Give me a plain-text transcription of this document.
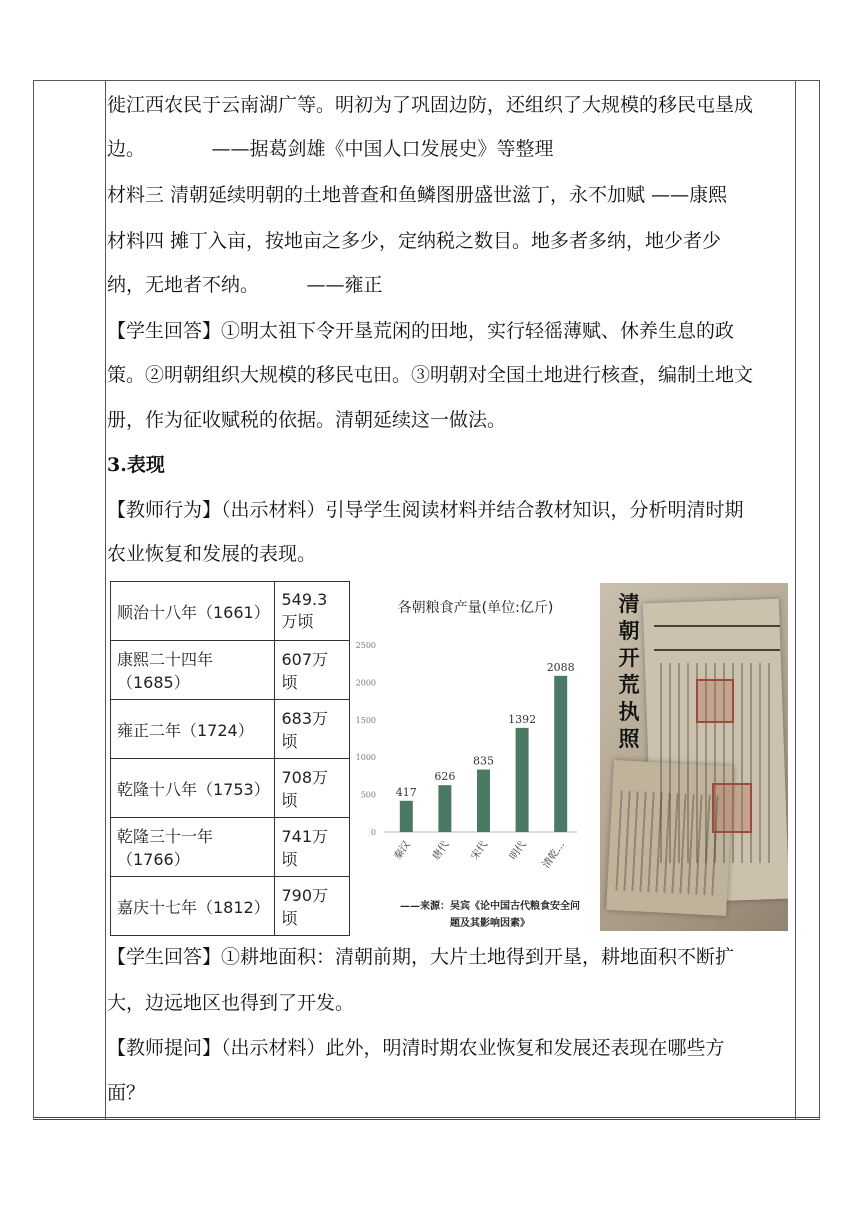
徙江西农民于云南湖广等。明初为了巩固边防，还组织了大规模的移民屯垦成
边。　　　　——据葛剑雄《中国人口发展史》等整理
材料三 清朝延续明朝的土地普查和鱼鳞图册盛世滋丁，永不加赋 ——康熙
材料四 摊丁入亩，按地亩之多少，定纳税之数目。地多者多纳，地少者少
纳，无地者不纳。　　　——雍正
【学生回答】①明太祖下令开垦荒闲的田地，实行轻徭薄赋、休养生息的政
策。②明朝组织大规模的移民屯田。③明朝对全国土地进行核查，编制土地文
册，作为征收赋税的依据。清朝延续这一做法。
3.表现
【教师行为】（出示材料）引导学生阅读材料并结合教材知识，分析明清时期
农业恢复和发展的表现。
【学生回答】①耕地面积：清朝前期，大片土地得到开垦，耕地面积不断扩
大，边远地区也得到了开发。
【教师提问】（出示材料）此外，明清时期农业恢复和发展还表现在哪些方
面？
顺治十八年（1661）	549.3万顷
康熙二十四年（1685）	607万顷
雍正二年（1724）	683万顷
乾隆十八年（1753）	708万顷
乾隆三十一年（1766）	741万顷
嘉庆十七年（1812）	790万顷
0
500
1000
1500
2000
2500
417
秦汉
626
唐代
835
宋代
1392
明代
2088
清乾…
各朝粮食产量(单位:亿斤)
——来源：吴宾《论中国古代粮食安全问
题及其影响因素》
清
朝
开
荒
执
照
